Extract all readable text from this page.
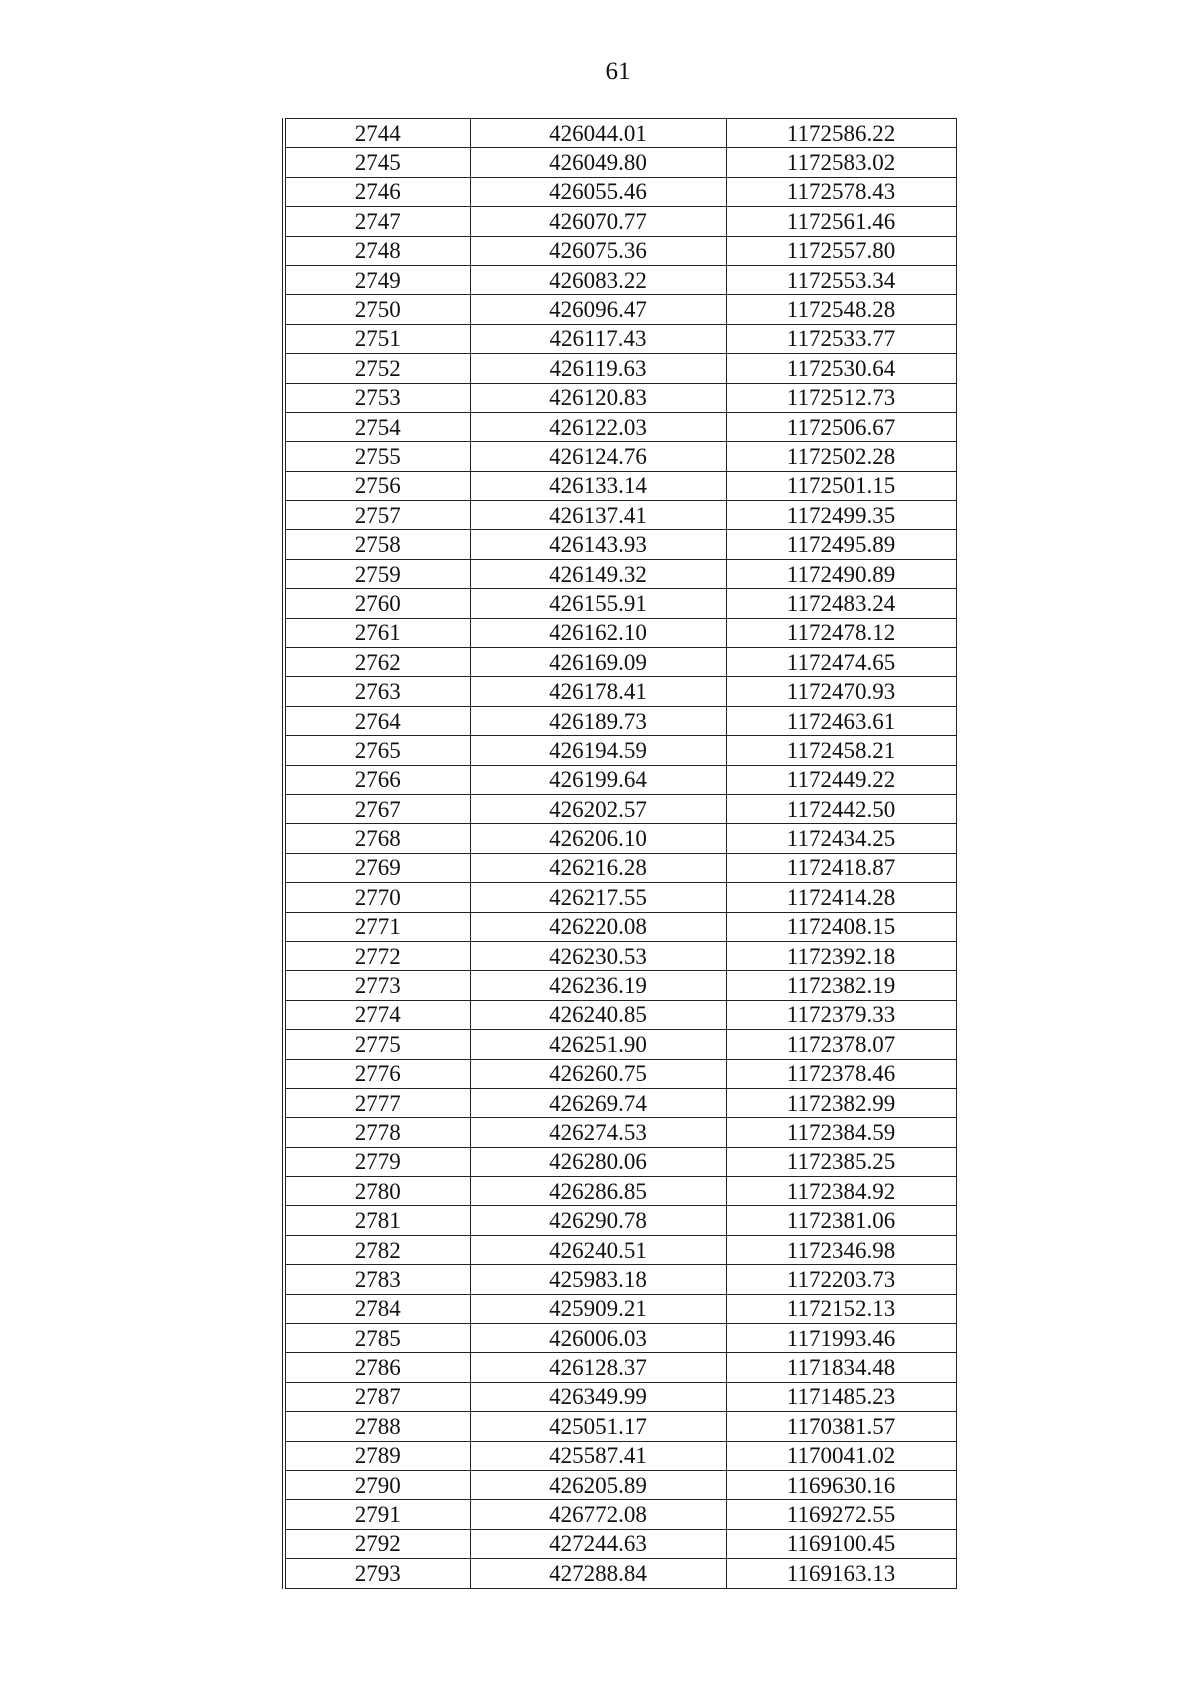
61
2744	426044.01	1172586.22
2745	426049.80	1172583.02
2746	426055.46	1172578.43
2747	426070.77	1172561.46
2748	426075.36	1172557.80
2749	426083.22	1172553.34
2750	426096.47	1172548.28
2751	426117.43	1172533.77
2752	426119.63	1172530.64
2753	426120.83	1172512.73
2754	426122.03	1172506.67
2755	426124.76	1172502.28
2756	426133.14	1172501.15
2757	426137.41	1172499.35
2758	426143.93	1172495.89
2759	426149.32	1172490.89
2760	426155.91	1172483.24
2761	426162.10	1172478.12
2762	426169.09	1172474.65
2763	426178.41	1172470.93
2764	426189.73	1172463.61
2765	426194.59	1172458.21
2766	426199.64	1172449.22
2767	426202.57	1172442.50
2768	426206.10	1172434.25
2769	426216.28	1172418.87
2770	426217.55	1172414.28
2771	426220.08	1172408.15
2772	426230.53	1172392.18
2773	426236.19	1172382.19
2774	426240.85	1172379.33
2775	426251.90	1172378.07
2776	426260.75	1172378.46
2777	426269.74	1172382.99
2778	426274.53	1172384.59
2779	426280.06	1172385.25
2780	426286.85	1172384.92
2781	426290.78	1172381.06
2782	426240.51	1172346.98
2783	425983.18	1172203.73
2784	425909.21	1172152.13
2785	426006.03	1171993.46
2786	426128.37	1171834.48
2787	426349.99	1171485.23
2788	425051.17	1170381.57
2789	425587.41	1170041.02
2790	426205.89	1169630.16
2791	426772.08	1169272.55
2792	427244.63	1169100.45
2793	427288.84	1169163.13
